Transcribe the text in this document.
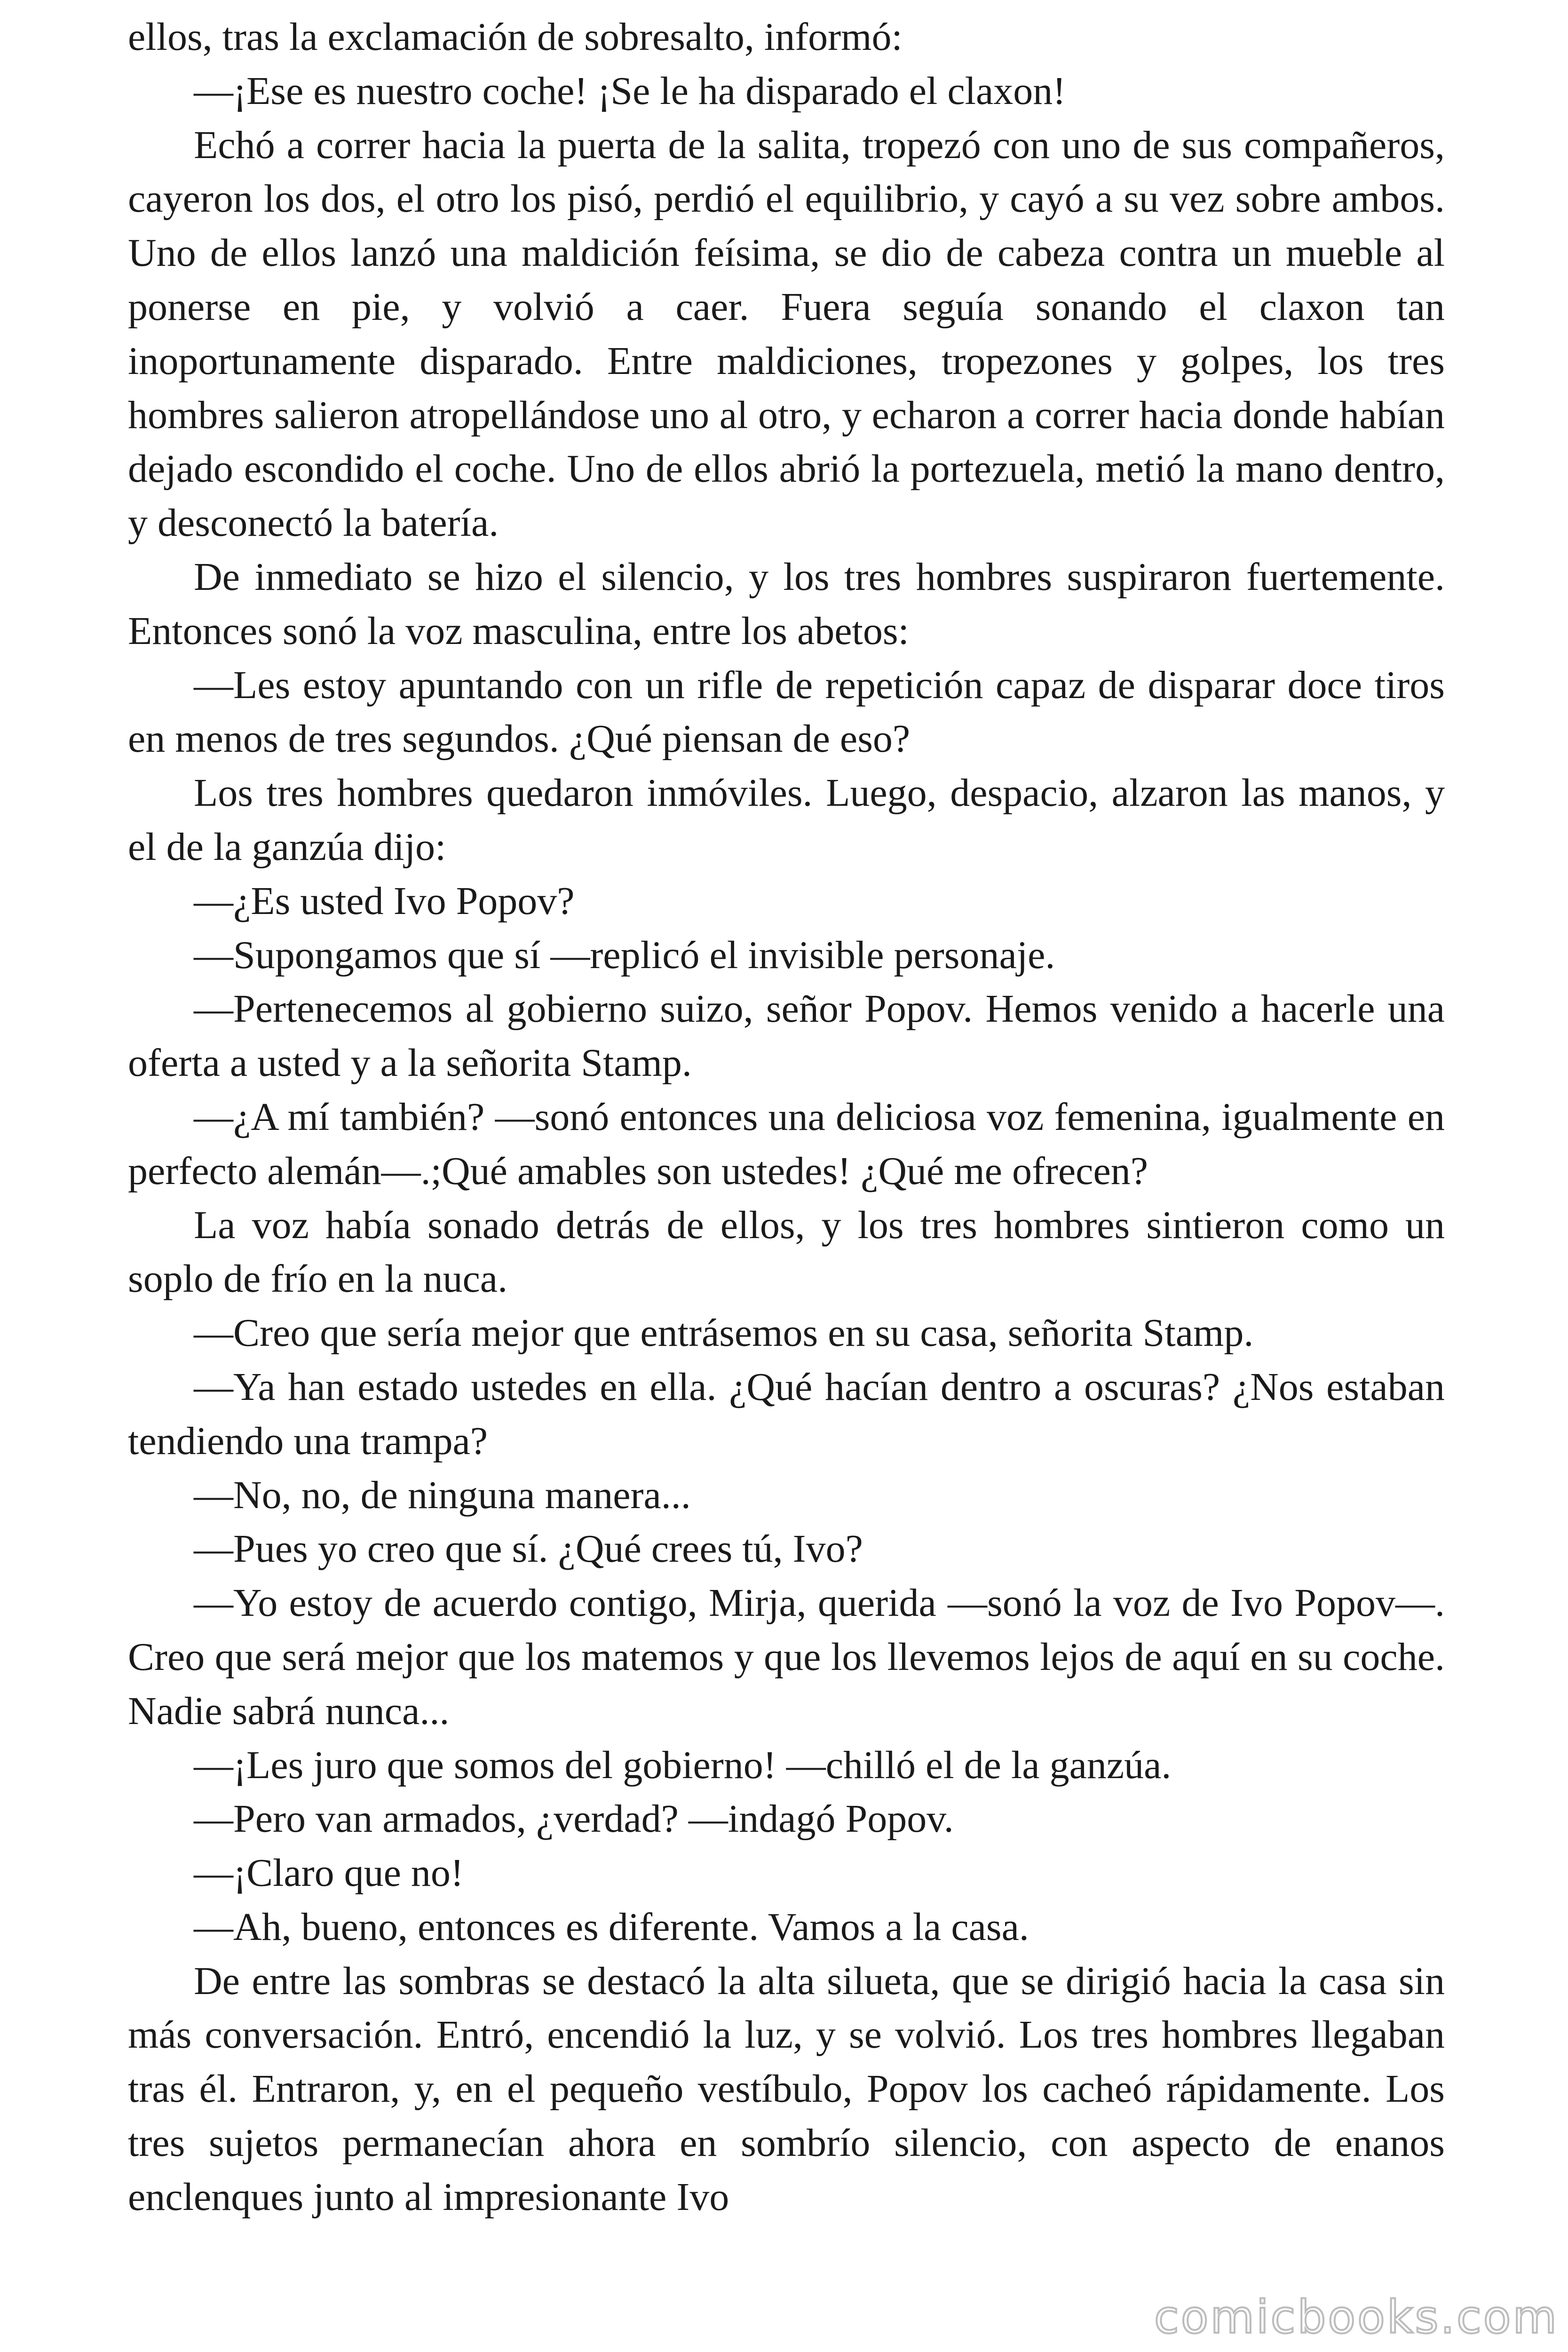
ellos, tras la exclamación de sobresalto, informó:

—¡Ese es nuestro coche! ¡Se le ha disparado el claxon!

Echó a correr hacia la puerta de la salita, tropezó con uno de sus compañeros, cayeron los dos, el otro los pisó, perdió el equilibrio, y cayó a su vez sobre ambos. Uno de ellos lanzó una maldición feísima, se dio de cabeza contra un mueble al ponerse en pie, y volvió a caer. Fuera seguía sonando el claxon tan inoportunamente disparado. Entre maldiciones, tropezones y golpes, los tres hombres salieron atropellándose uno al otro, y echaron a correr hacia donde habían dejado escondido el coche. Uno de ellos abrió la portezuela, metió la mano dentro, y desconectó la batería.

De inmediato se hizo el silencio, y los tres hombres suspiraron fuertemente. Entonces sonó la voz masculina, entre los abetos:

—Les estoy apuntando con un rifle de repetición capaz de disparar doce tiros en menos de tres segundos. ¿Qué piensan de eso?

Los tres hombres quedaron inmóviles. Luego, despacio, alzaron las manos, y el de la ganzúa dijo:

—¿Es usted Ivo Popov?

—Supongamos que sí —replicó el invisible personaje.

—Pertenecemos al gobierno suizo, señor Popov. Hemos venido a hacerle una oferta a usted y a la señorita Stamp.

—¿A mí también? —sonó entonces una deliciosa voz femenina, igualmente en perfecto alemán—.;Qué amables son ustedes! ¿Qué me ofrecen?

La voz había sonado detrás de ellos, y los tres hombres sintieron como un soplo de frío en la nuca.

—Creo que sería mejor que entrásemos en su casa, señorita Stamp.

—Ya han estado ustedes en ella. ¿Qué hacían dentro a oscuras? ¿Nos estaban tendiendo una trampa?

—No, no, de ninguna manera...

—Pues yo creo que sí. ¿Qué crees tú, Ivo?

—Yo estoy de acuerdo contigo, Mirja, querida —sonó la voz de Ivo Popov—. Creo que será mejor que los matemos y que los llevemos lejos de aquí en su coche. Nadie sabrá nunca...

—¡Les juro que somos del gobierno! —chilló el de la ganzúa.

—Pero van armados, ¿verdad? —indagó Popov.

—¡Claro que no!

—Ah, bueno, entonces es diferente. Vamos a la casa.

De entre las sombras se destacó la alta silueta, que se dirigió hacia la casa sin más conversación. Entró, encendió la luz, y se volvió. Los tres hombres llegaban tras él. Entraron, y, en el pequeño vestíbulo, Popov los cacheó rápidamente. Los tres sujetos permanecían ahora en sombrío silencio, con aspecto de enanos enclenques junto al impresionante Ivo

comicbooks.com
